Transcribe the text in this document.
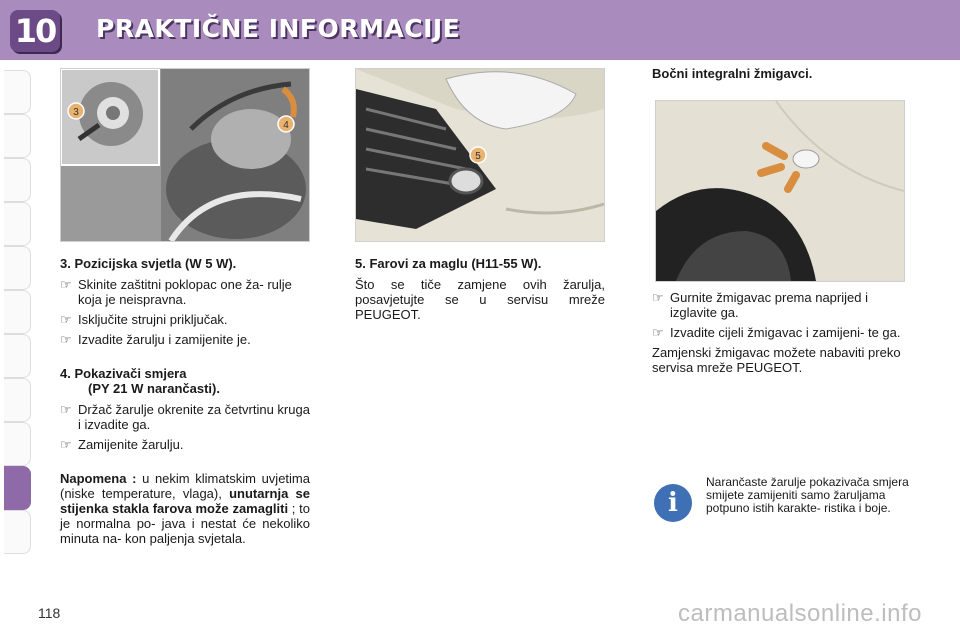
10 PRAKTIČNE INFORMACIJE
3
4
5
3. Pozicijska svjetla (W 5 W).
☞ Skinite zaštitni poklopac one ža- rulje koja je neispravna.
☞ Isključite strujni priključak.
☞ Izvadite žarulju i zamijenite je.
4. Pokazivači smjera
(PY 21 W narančasti).
☞ Držač žarulje okrenite za četvrtinu kruga i izvadite ga.
☞ Zamijenite žarulju.
Napomena : u nekim klimatskim uvjetima (niske temperature, vlaga), unutarnja se stijenka stakla farova može zamagliti ; to je normalna po- java i nestat će nekoliko minuta na- kon paljenja svjetala.
5. Farovi za maglu (H11-55 W).
Što se tiče zamjene ovih žarulja, posavjetujte se u servisu mreže PEUGEOT.
Bočni integralni žmigavci.
☞ Gurnite žmigavac prema naprijed i izglavite ga.
☞ Izvadite cijeli žmigavac i zamijeni- te ga.
Zamjenski žmigavac možete nabaviti preko servisa mreže PEUGEOT.
i
Narančaste žarulje pokazivača smjera smijete zamijeniti samo žaruljama potpuno istih karakte- ristika i boje.
118	carmanualsonline.info
